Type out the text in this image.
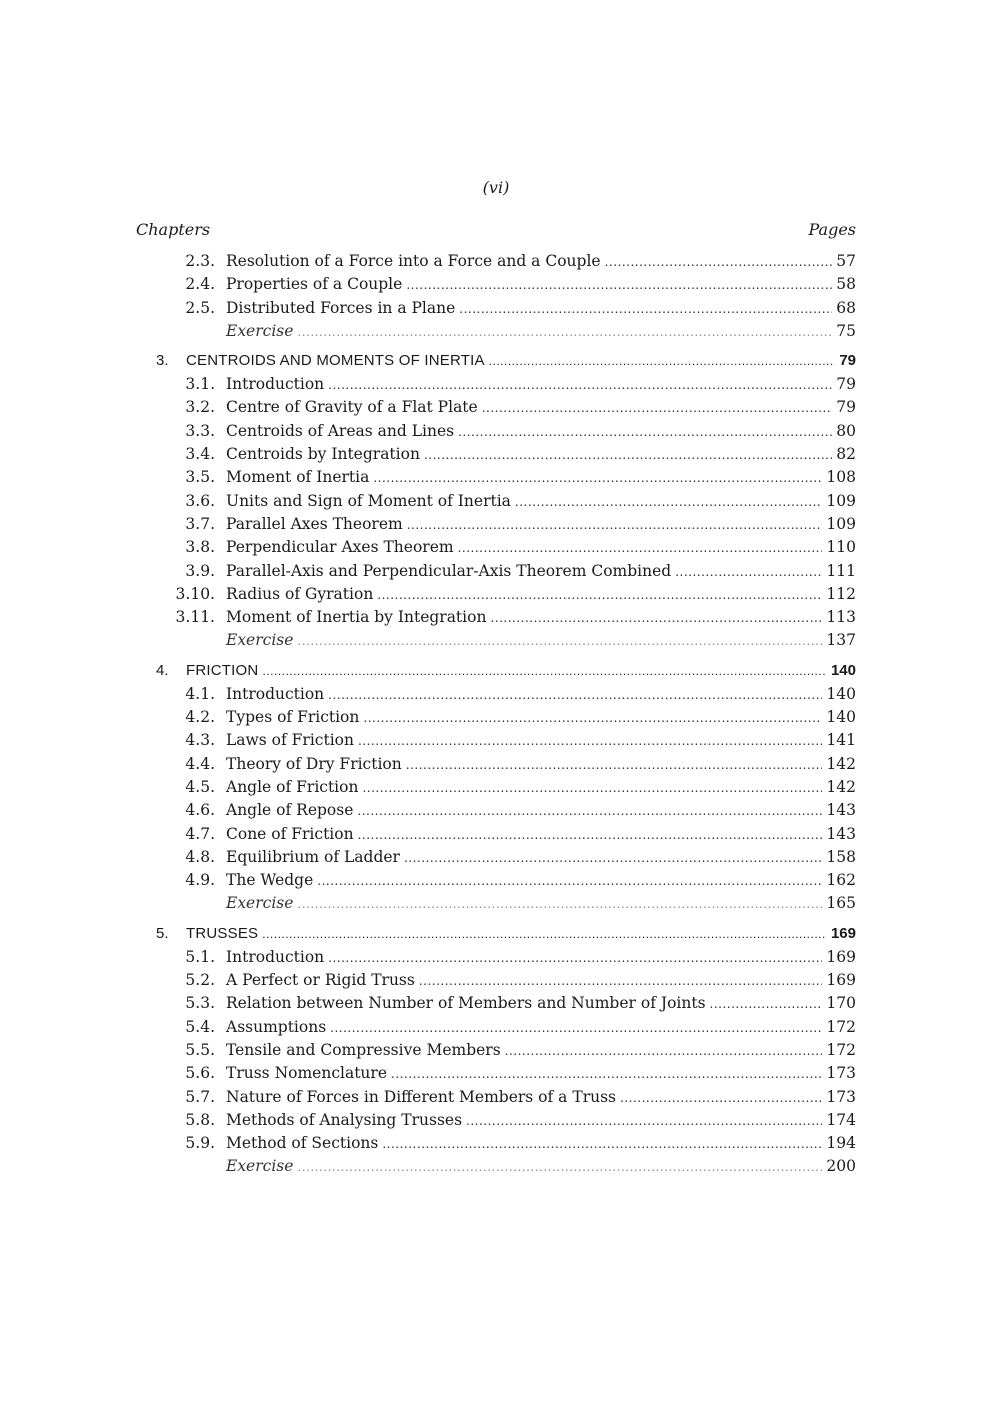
(vi)
Chapters	Pages
2.3. Resolution of a Force into a Force and a Couple .....	57
2.4. Properties of a Couple .....	58
2.5. Distributed Forces in a Plane .....	68
Exercise .....	75
3.	CENTROIDS AND MOMENTS OF INERTIA .....	79
3.1. Introduction .....	79
3.2. Centre of Gravity of a Flat Plate .....	79
3.3. Centroids of Areas and Lines .....	80
3.4. Centroids by Integration .....	82
3.5. Moment of Inertia .....	108
3.6. Units and Sign of Moment of Inertia .....	109
3.7. Parallel Axes Theorem .....	109
3.8. Perpendicular Axes Theorem .....	110
3.9. Parallel-Axis and Perpendicular-Axis Theorem Combined .....	111
3.10. Radius of Gyration .....	112
3.11. Moment of Inertia by Integration .....	113
Exercise .....	137
4.	FRICTION .....	140
4.1. Introduction .....	140
4.2. Types of Friction .....	140
4.3. Laws of Friction .....	141
4.4. Theory of Dry Friction .....	142
4.5. Angle of Friction .....	142
4.6. Angle of Repose .....	143
4.7. Cone of Friction .....	143
4.8. Equilibrium of Ladder .....	158
4.9. The Wedge .....	162
Exercise .....	165
5.	TRUSSES .....	169
5.1. Introduction .....	169
5.2. A Perfect or Rigid Truss .....	169
5.3. Relation between Number of Members and Number of Joints .....	170
5.4. Assumptions .....	172
5.5. Tensile and Compressive Members .....	172
5.6. Truss Nomenclature .....	173
5.7. Nature of Forces in Different Members of a Truss .....	173
5.8. Methods of Analysing Trusses .....	174
5.9. Method of Sections .....	194
Exercise .....	200
